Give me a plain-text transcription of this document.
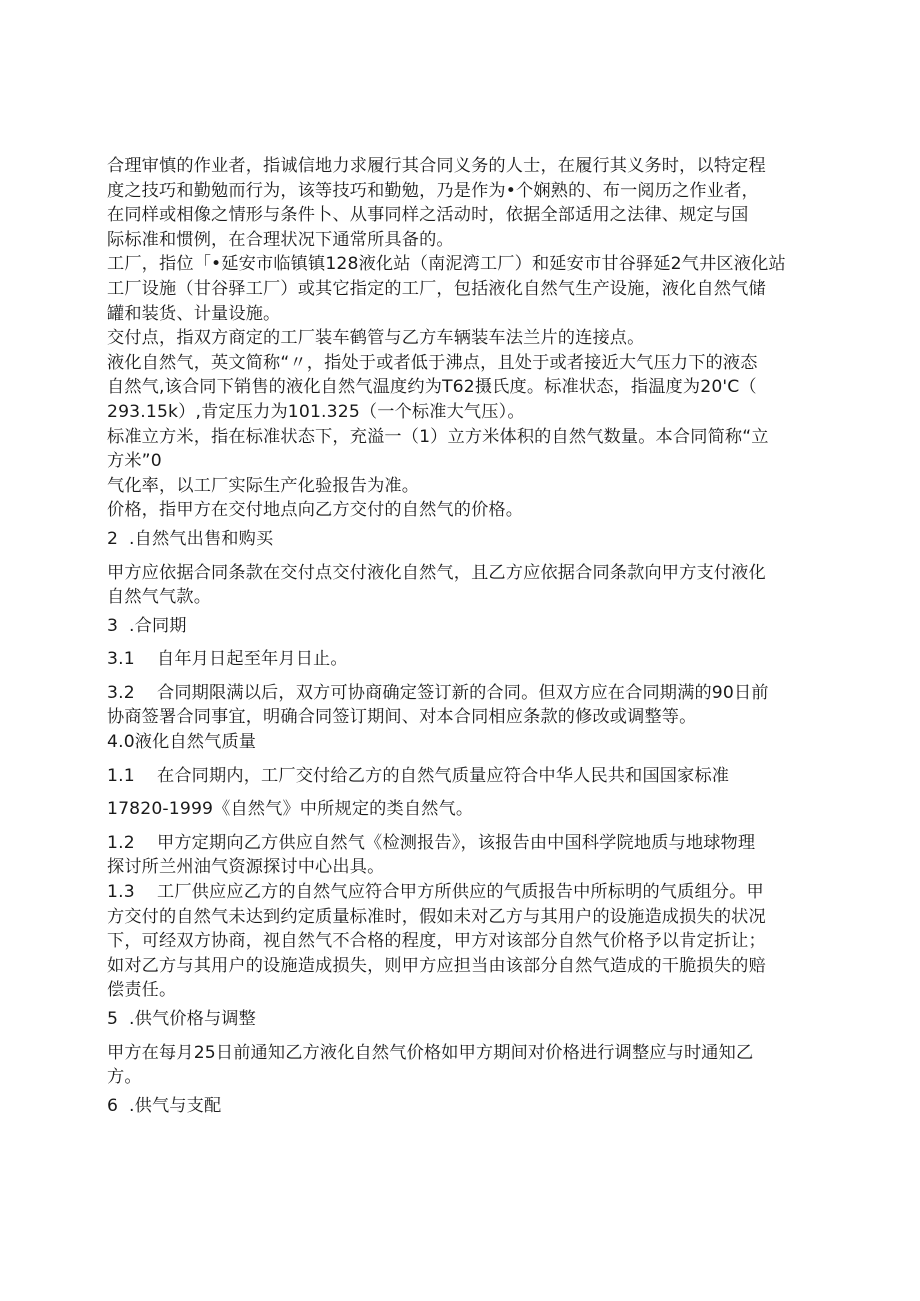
合理审慎的作业者，指诚信地力求履行其合同义务的人士，在履行其义务时，以特定程
度之技巧和勤勉而行为，该等技巧和勤勉，乃是作为•个娴熟的、布一阅历之作业者，
在同样或相像之情形与条件卜、从事同样之活动时，依据全部适用之法律、规定与国
际标准和惯例，在合理状况下通常所具备的。

工厂，指位「•延安市临镇镇128液化站（南泥湾工厂）和延安市甘谷驿延2气井区液化站
工厂设施（甘谷驿工厂）或其它指定的工厂，包括液化自然气生产设施，液化自然气储
罐和装货、计量设施。

交付点，指双方商定的工厂装车鹤管与乙方车辆装车法兰片的连接点。

液化自然气，英文简称“〃，指处于或者低于沸点，且处于或者接近大气压力下的液态
自然气,该合同下销售的液化自然气温度约为T62摄氏度。标准状态，指温度为20'C（
293.15k）,肯定压力为101.325（一个标准大气压）。

标准立方米，指在标准状态下，充溢一（1）立方米体积的自然气数量。本合同简称“立
方米”0

气化率，以工厂实际生产化验报告为准。

价格，指甲方在交付地点向乙方交付的自然气的价格。

2 .自然气出售和购买

甲方应依据合同条款在交付点交付液化自然气，且乙方应依据合同条款向甲方支付液化
自然气气款。

3 .合同期

3.1 自年月日起至年月日止。

3.2 合同期限满以后，双方可协商确定签订新的合同。但双方应在合同期满的90日前
协商签署合同事宜，明确合同签订期间、对本合同相应条款的修改或调整等。

4.0液化自然气质量

1.1 在合同期内，工厂交付给乙方的自然气质量应符合中华人民共和国国家标准

17820-1999《自然气》中所规定的类自然气。

1.2 甲方定期向乙方供应自然气《检测报告》，该报告由中国科学院地质与地球物理
探讨所兰州油气资源探讨中心出具。

1.3 工厂供应应乙方的自然气应符合甲方所供应的气质报告中所标明的气质组分。甲
方交付的自然气未达到约定质量标准时，假如未对乙方与其用户的设施造成损失的状况
下，可经双方协商，视自然气不合格的程度，甲方对该部分自然气价格予以肯定折让；
如对乙方与其用户的设施造成损失，则甲方应担当由该部分自然气造成的干脆损失的赔
偿责任。

5 .供气价格与调整

甲方在每月25日前通知乙方液化自然气价格如甲方期间对价格进行调整应与时通知乙
方。

6 .供气与支配
